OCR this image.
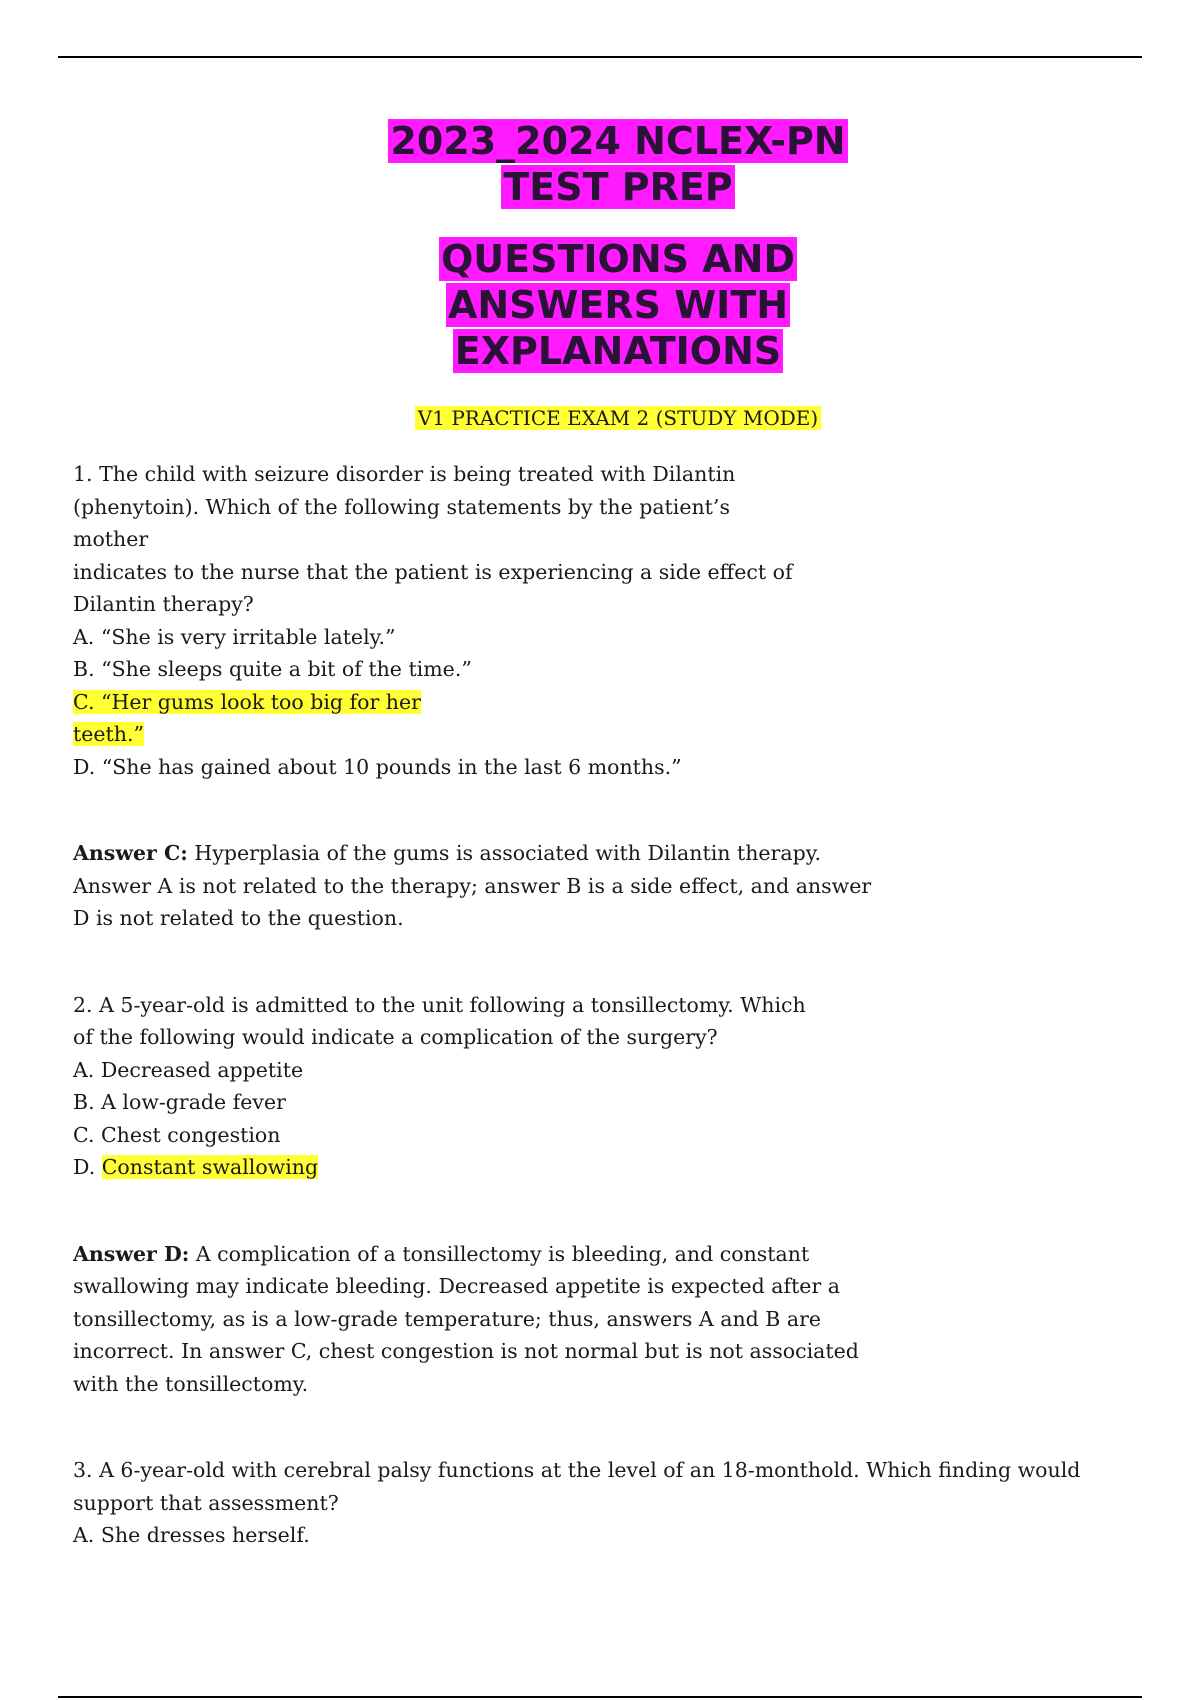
2023_2024 NCLEX-PN
TEST PREP
QUESTIONS AND
ANSWERS WITH
EXPLANATIONS
V1 PRACTICE EXAM 2 (STUDY MODE)
1. The child with seizure disorder is being treated with Dilantin
(phenytoin). Which of the following statements by the patient’s
mother
indicates to the nurse that the patient is experiencing a side effect of
Dilantin therapy?
A. “She is very irritable lately.”
B. “She sleeps quite a bit of the time.”
C. “Her gums look too big for her
teeth.”
D. “She has gained about 10 pounds in the last 6 months.”
Answer C: Hyperplasia of the gums is associated with Dilantin therapy.
Answer A is not related to the therapy; answer B is a side effect, and answer
D is not related to the question.
2. A 5-year-old is admitted to the unit following a tonsillectomy. Which
of the following would indicate a complication of the surgery?
A. Decreased appetite
B. A low-grade fever
C. Chest congestion
D. Constant swallowing
Answer D: A complication of a tonsillectomy is bleeding, and constant
swallowing may indicate bleeding. Decreased appetite is expected after a
tonsillectomy, as is a low-grade temperature; thus, answers A and B are
incorrect. In answer C, chest congestion is not normal but is not associated
with the tonsillectomy.
3. A 6-year-old with cerebral palsy functions at the level of an 18-monthold. Which finding would
support that assessment?
A. She dresses herself.
